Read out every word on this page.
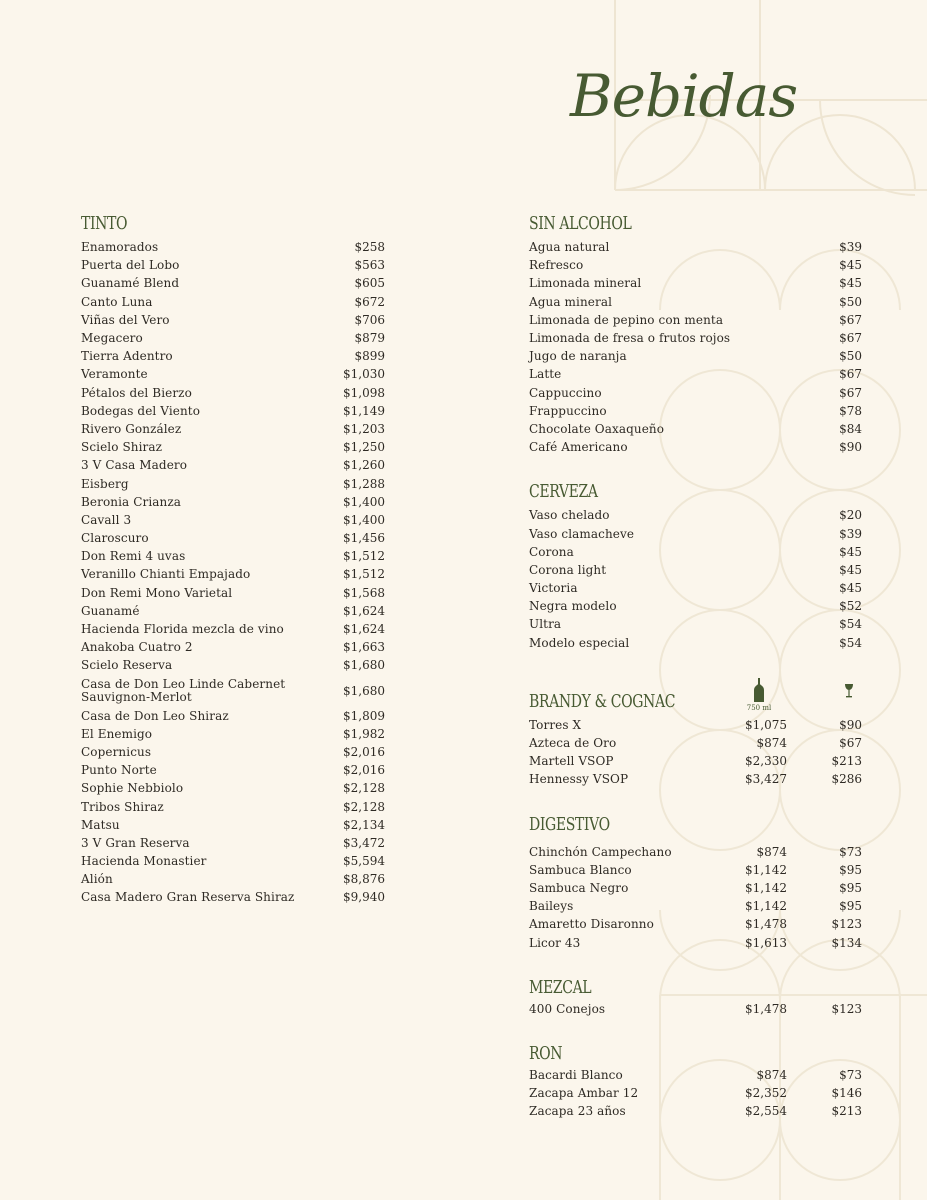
Bebidas
TINTO
Enamorados	$258
Puerta del Lobo	$563
Guanamé Blend	$605
Canto Luna	$672
Viñas del Vero	$706
Megacero	$879
Tierra Adentro	$899
Veramonte	$1,030
Pétalos del Bierzo	$1,098
Bodegas del Viento	$1,149
Rivero González	$1,203
Scielo Shiraz	$1,250
3 V Casa Madero	$1,260
Eisberg	$1,288
Beronia Crianza	$1,400
Cavall 3	$1,400
Claroscuro	$1,456
Don Remi 4 uvas	$1,512
Veranillo Chianti Empajado	$1,512
Don Remi Mono Varietal	$1,568
Guanamé	$1,624
Hacienda Florida mezcla de vino	$1,624
Anakoba Cuatro 2	$1,663
Scielo Reserva	$1,680
Casa de Don Leo Linde Cabernet Sauvignon-Merlot	$1,680
Casa de Don Leo Shiraz	$1,809
El Enemigo	$1,982
Copernicus	$2,016
Punto Norte	$2,016
Sophie Nebbiolo	$2,128
Tribos Shiraz	$2,128
Matsu	$2,134
3 V Gran Reserva	$3,472
Hacienda Monastier	$5,594
Alión	$8,876
Casa Madero Gran Reserva Shiraz	$9,940
SIN ALCOHOL
Agua natural	$39
Refresco	$45
Limonada mineral	$45
Agua mineral	$50
Limonada de pepino con menta	$67
Limonada de fresa o frutos rojos	$67
Jugo de naranja	$50
Latte	$67
Cappuccino	$67
Frappuccino	$78
Chocolate Oaxaqueño	$84
Café Americano	$90
CERVEZA
Vaso chelado	$20
Vaso clamacheve	$39
Corona	$45
Corona light	$45
Victoria	$45
Negra modelo	$52
Ultra	$54
Modelo especial	$54
BRANDY & COGNAC	750 ml
Torres X	$1,075	$90
Azteca de Oro	$874	$67
Martell VSOP	$2,330	$213
Hennessy VSOP	$3,427	$286
DIGESTIVO
Chinchón Campechano	$874	$73
Sambuca Blanco	$1,142	$95
Sambuca Negro	$1,142	$95
Baileys	$1,142	$95
Amaretto Disaronno	$1,478	$123
Licor 43	$1,613	$134
MEZCAL
400 Conejos	$1,478	$123
RON
Bacardi Blanco	$874	$73
Zacapa Ambar 12	$2,352	$146
Zacapa 23 años	$2,554	$213
